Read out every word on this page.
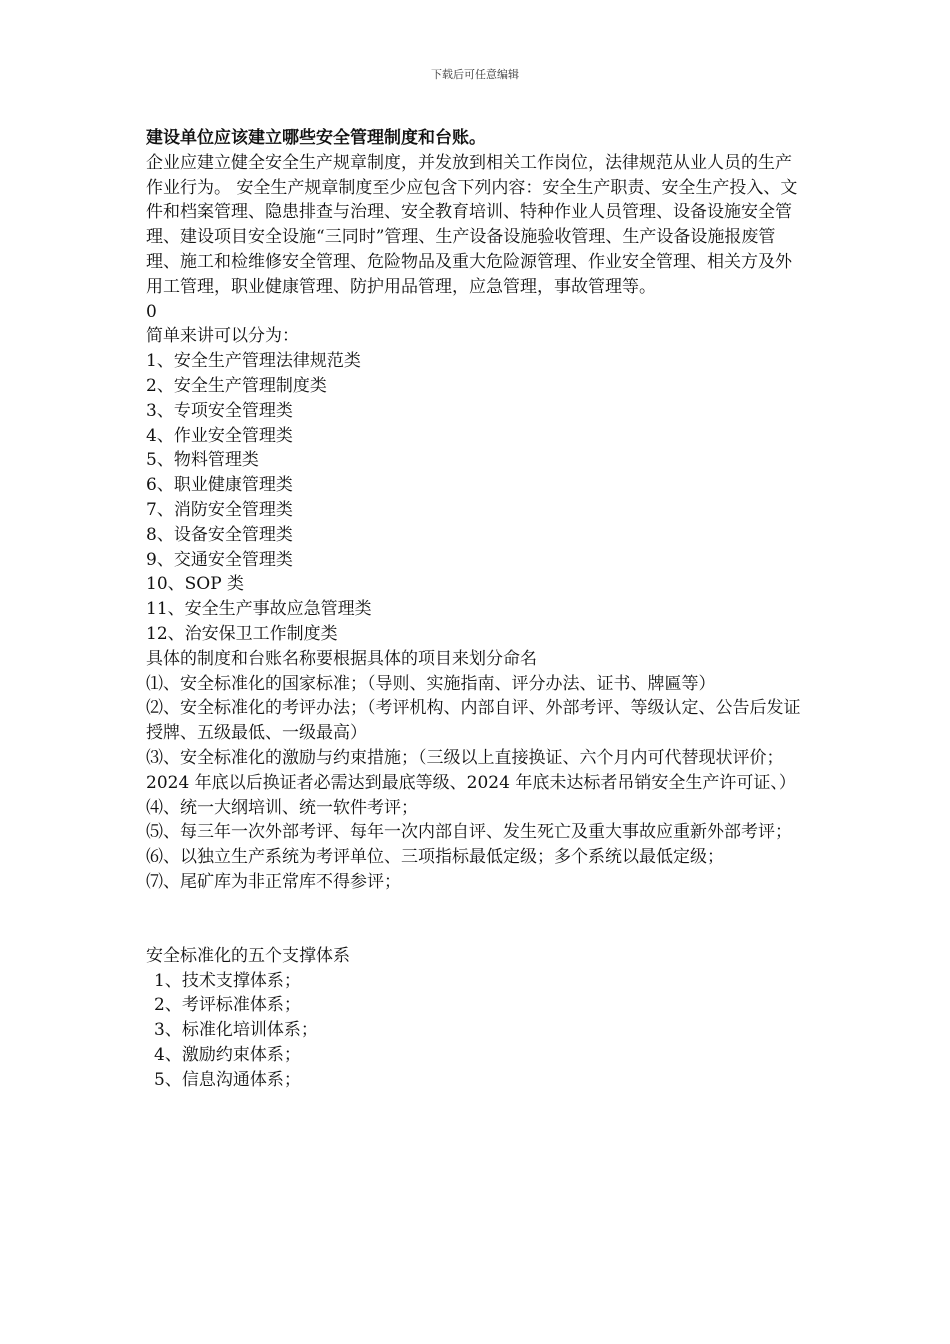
下载后可任意编辑

建设单位应该建立哪些安全管理制度和台账。

企业应建立健全安全生产规章制度，并发放到相关工作岗位，法律规范从业人员的生产作业行为。 安全生产规章制度至少应包含下列内容：安全生产职责、安全生产投入、文件和档案管理、隐患排查与治理、安全教育培训、特种作业人员管理、设备设施安全管理、建设项目安全设施“三同时”管理、生产设备设施验收管理、生产设备设施报废管理、施工和检维修安全管理、危险物品及重大危险源管理、作业安全管理、相关方及外用工管理，职业健康管理、防护用品管理，应急管理，事故管理等。

0

简单来讲可以分为：

1、安全生产管理法律规范类

2、安全生产管理制度类

3、专项安全管理类

4、作业安全管理类

5、物料管理类

6、职业健康管理类

7、消防安全管理类

8、设备安全管理类

9、交通安全管理类

10、SOP 类

11、安全生产事故应急管理类

12、治安保卫工作制度类

具体的制度和台账名称要根据具体的项目来划分命名

⑴、安全标准化的国家标准；（导则、实施指南、评分办法、证书、牌匾等）

⑵、安全标准化的考评办法；（考评机构、内部自评、外部考评、等级认定、公告后发证授牌、五级最低、一级最高）

⑶、安全标准化的激励与约束措施；（三级以上直接换证、六个月内可代替现状评价； 2024 年底以后换证者必需达到最底等级、2024 年底未达标者吊销安全生产许可证、）

⑷、统一大纲培训、统一软件考评；

⑸、每三年一次外部考评、每年一次内部自评、发生死亡及重大事故应重新外部考评；

⑹、以独立生产系统为考评单位、三项指标最低定级；多个系统以最低定级；

⑺、尾矿库为非正常库不得参评；

安全标准化的五个支撑体系

1、技术支撑体系；

2、考评标准体系；

3、标准化培训体系；

4、激励约束体系；

5、信息沟通体系；
